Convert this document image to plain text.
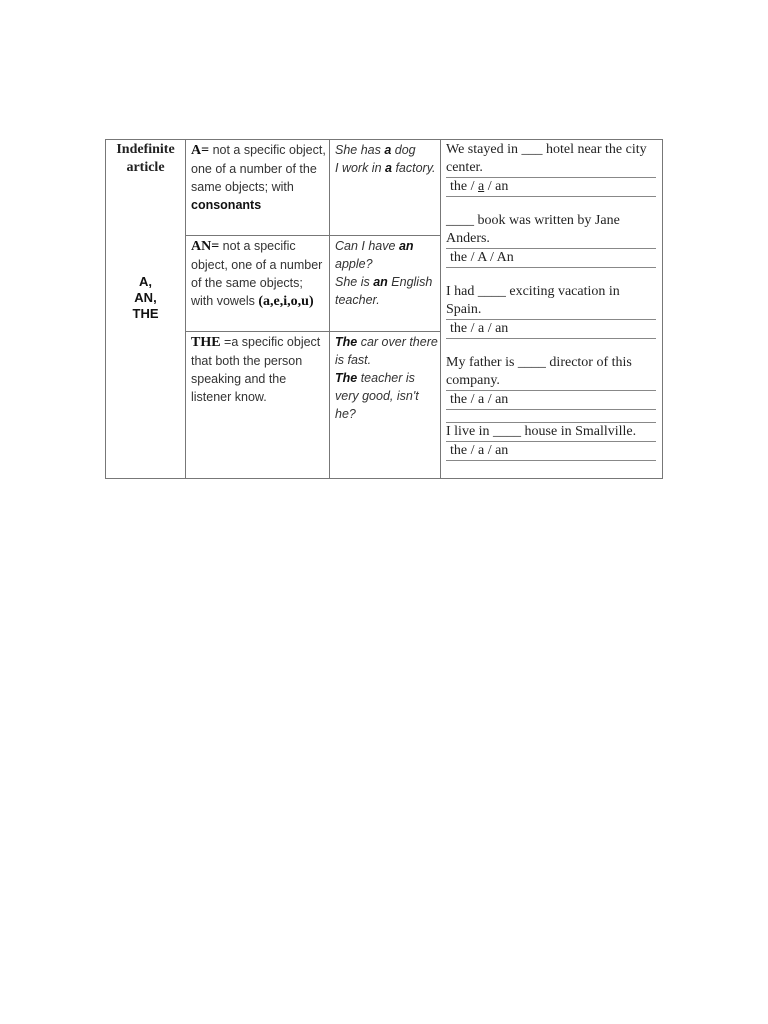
Indefinite
article
A,
AN,
THE
A= not a specific object, one of a number of the same objects; with consonants
AN= not a specific object, one of a number of the same objects; with vowels (a,e,i,o,u)
THE =a specific object that both the person speaking and the listener know.
She has a dog
I work in a factory.
Can I have an apple?
She is an English teacher.
The car over there is fast.
The teacher is very good, isn't he?
We stayed in ___ hotel near the city center.
the / a / an
____ book was written by Jane Anders.
the / A / An
I had ____ exciting vacation in Spain.
the / a / an
My father is ____ director of this company.
the / a / an
I live in ____ house in Smallville.
the / a / an
